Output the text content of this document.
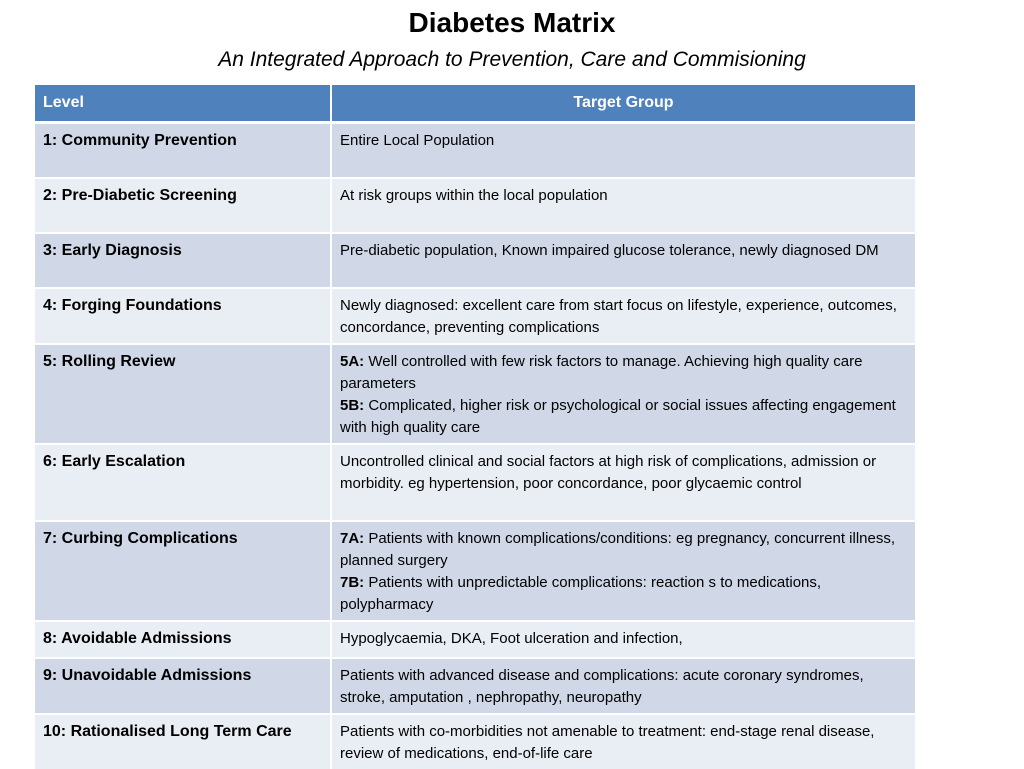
Diabetes Matrix
An Integrated Approach to Prevention, Care and Commisioning
Level	Target Group
1: Community Prevention	Entire Local Population
2: Pre-Diabetic Screening	At risk groups within the local population
3: Early Diagnosis	Pre-diabetic population, Known impaired glucose tolerance, newly diagnosed DM
4: Forging Foundations	Newly diagnosed: excellent care from start focus on lifestyle, experience, outcomes, concordance, preventing complications
5: Rolling Review	5A: Well controlled with few risk factors to manage. Achieving high quality care parameters
5B: Complicated, higher risk or psychological or social issues affecting engagement with high quality care
6: Early Escalation	Uncontrolled clinical and social factors at high risk of complications, admission or morbidity. eg hypertension, poor concordance, poor glycaemic control
7: Curbing Complications	7A: Patients with known complications/conditions: eg pregnancy, concurrent illness, planned surgery
7B: Patients with unpredictable complications: reaction s to medications, polypharmacy
8: Avoidable Admissions	Hypoglycaemia, DKA, Foot ulceration and infection,
9: Unavoidable Admissions	Patients with advanced disease and complications: acute coronary syndromes, stroke, amputation , nephropathy, neuropathy
10: Rationalised Long Term Care	Patients with co-morbidities not amenable to treatment: end-stage renal disease, review of medications, end-of-life care
